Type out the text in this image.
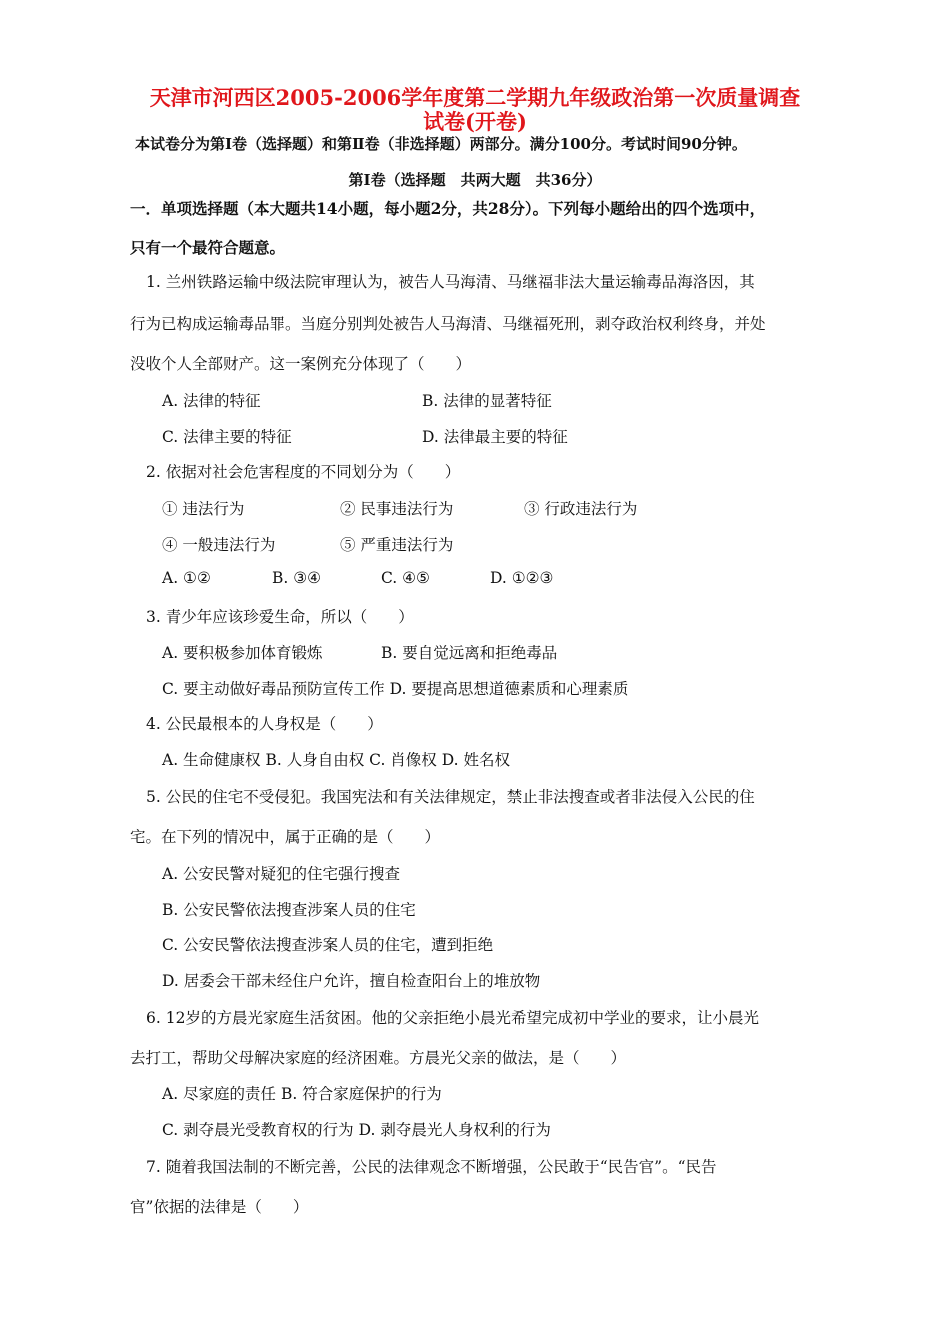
天津市河西区2005-2006学年度第二学期九年级政治第一次质量调查
试卷(开卷)
本试卷分为第Ⅰ卷（选择题）和第Ⅱ卷（非选择题）两部分。满分100分。考试时间90分钟。
第Ⅰ卷（选择题　共两大题　共36分）
一．单项选择题（本大题共14小题，每小题2分，共28分）。下列每小题给出的四个选项中，
只有一个最符合题意。
1. 兰州铁路运输中级法院审理认为，被告人马海清、马继福非法大量运输毒品海洛因，其
行为已构成运输毒品罪。当庭分别判处被告人马海清、马继福死刑，剥夺政治权利终身，并处
没收个人全部财产。这一案例充分体现了（　　）
A. 法律的特征	B. 法律的显著特征
C. 法律主要的特征	D. 法律最主要的特征
2. 依据对社会危害程度的不同划分为（　　）
① 违法行为	② 民事违法行为	③ 行政违法行为
④ 一般违法行为	⑤ 严重违法行为
A. ①②	B. ③④	C. ④⑤	D. ①②③
3. 青少年应该珍爱生命，所以（　　）
A. 要积极参加体育锻炼	B. 要自觉远离和拒绝毒品
C. 要主动做好毒品预防宣传工作 D. 要提高思想道德素质和心理素质
4. 公民最根本的人身权是（　　）
A. 生命健康权 B. 人身自由权 C. 肖像权 D. 姓名权
5. 公民的住宅不受侵犯。我国宪法和有关法律规定，禁止非法搜查或者非法侵入公民的住
宅。在下列的情况中，属于正确的是（　　）
A. 公安民警对疑犯的住宅强行搜查
B. 公安民警依法搜查涉案人员的住宅
C. 公安民警依法搜查涉案人员的住宅，遭到拒绝
D. 居委会干部未经住户允许，擅自检查阳台上的堆放物
6. 12岁的方晨光家庭生活贫困。他的父亲拒绝小晨光希望完成初中学业的要求，让小晨光
去打工，帮助父母解决家庭的经济困难。方晨光父亲的做法，是（　　）
A. 尽家庭的责任 B. 符合家庭保护的行为
C. 剥夺晨光受教育权的行为 D. 剥夺晨光人身权利的行为
7. 随着我国法制的不断完善，公民的法律观念不断增强，公民敢于“民告官”。“民告
官”依据的法律是（　　）
